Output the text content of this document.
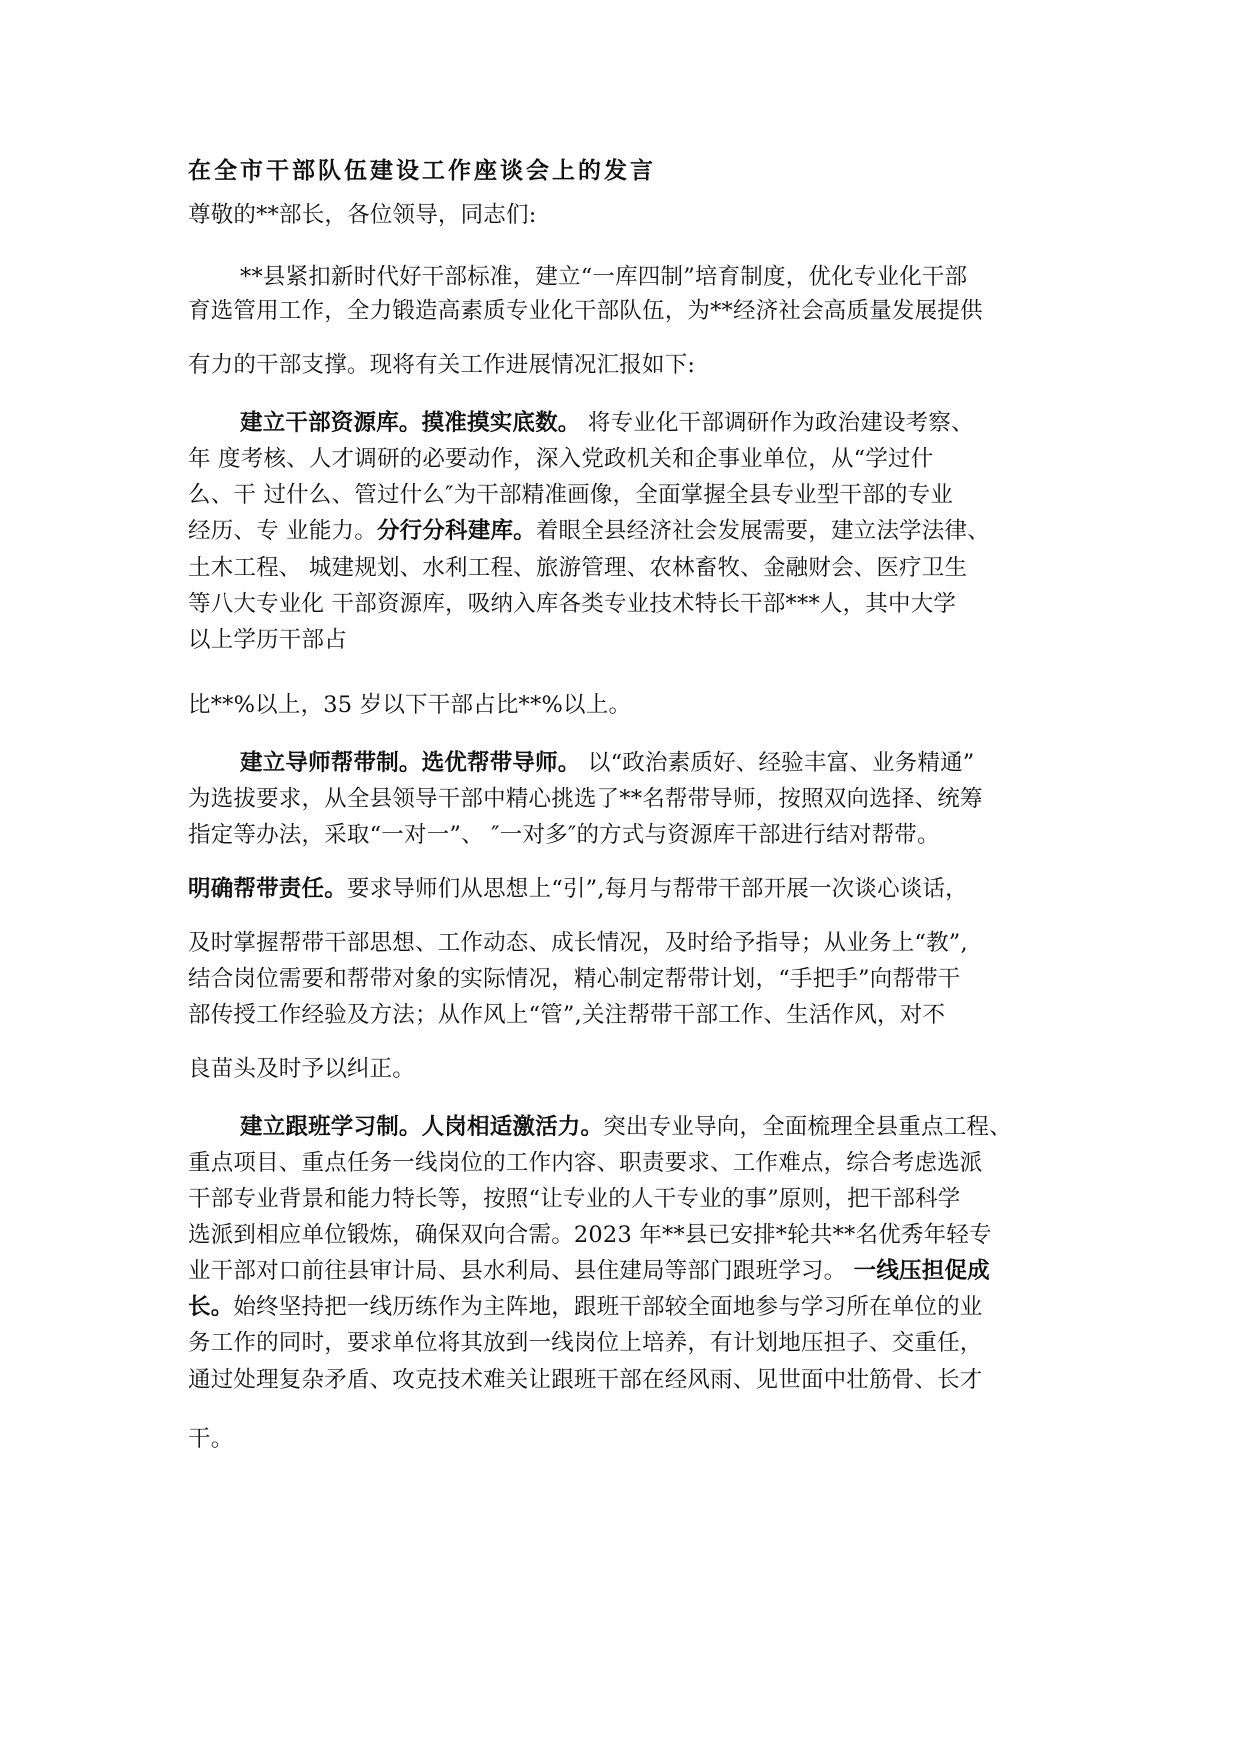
在全市干部队伍建设工作座谈会上的发言
尊敬的**部长，各位领导，同志们:
**县紧扣新时代好干部标准，建立“一库四制”培育制度，优化专业化干部
育选管用工作，全力锻造高素质专业化干部队伍，为**经济社会高质量发展提供
有力的干部支撑。现将有关工作进展情况汇报如下:
建立干部资源库。摸准摸实底数。 将专业化干部调研作为政治建设考察、
年 度考核、人才调研的必要动作，深入党政机关和企事业单位，从“学过什
么、干 过什么、管过什么″为干部精准画像，全面掌握全县专业型干部的专业
经历、专 业能力。分行分科建库。着眼全县经济社会发展需要，建立法学法律、
土木工程、 城建规划、水利工程、旅游管理、农林畜牧、金融财会、医疗卫生
等八大专业化 干部资源库，吸纳入库各类专业技术特长干部***人，其中大学
以上学历干部占
比**%以上，35 岁以下干部占比**%以上。
建立导师帮带制。选优帮带导师。 以“政治素质好、经验丰富、业务精通”
为选拔要求，从全县领导干部中精心挑选了**名帮带导师，按照双向选择、统筹
指定等办法，采取“一对一”、 ″一对多″的方式与资源库干部进行结对帮带。
明确帮带责任。要求导师们从思想上“引”,每月与帮带干部开展一次谈心谈话，
及时掌握帮带干部思想、工作动态、成长情况，及时给予指导；从业务上“教”,
结合岗位需要和帮带对象的实际情况，精心制定帮带计划，“手把手”向帮带干
部传授工作经验及方法；从作风上“管”,关注帮带干部工作、生活作风，对不
良苗头及时予以纠正。
建立跟班学习制。人岗相适激活力。突出专业导向，全面梳理全县重点工程、
重点项目、重点任务一线岗位的工作内容、职责要求、工作难点，综合考虑选派
干部专业背景和能力特长等，按照“让专业的人干专业的事”原则，把干部科学
选派到相应单位锻炼，确保双向合需。2023 年**县已安排*轮共**名优秀年轻专
业干部对口前往县审计局、县水利局、县住建局等部门跟班学习。 一线压担促成
长。始终坚持把一线历练作为主阵地，跟班干部较全面地参与学习所在单位的业
务工作的同时，要求单位将其放到一线岗位上培养，有计划地压担子、交重任，
通过处理复杂矛盾、攻克技术难关让跟班干部在经风雨、见世面中壮筋骨、长才
干。
